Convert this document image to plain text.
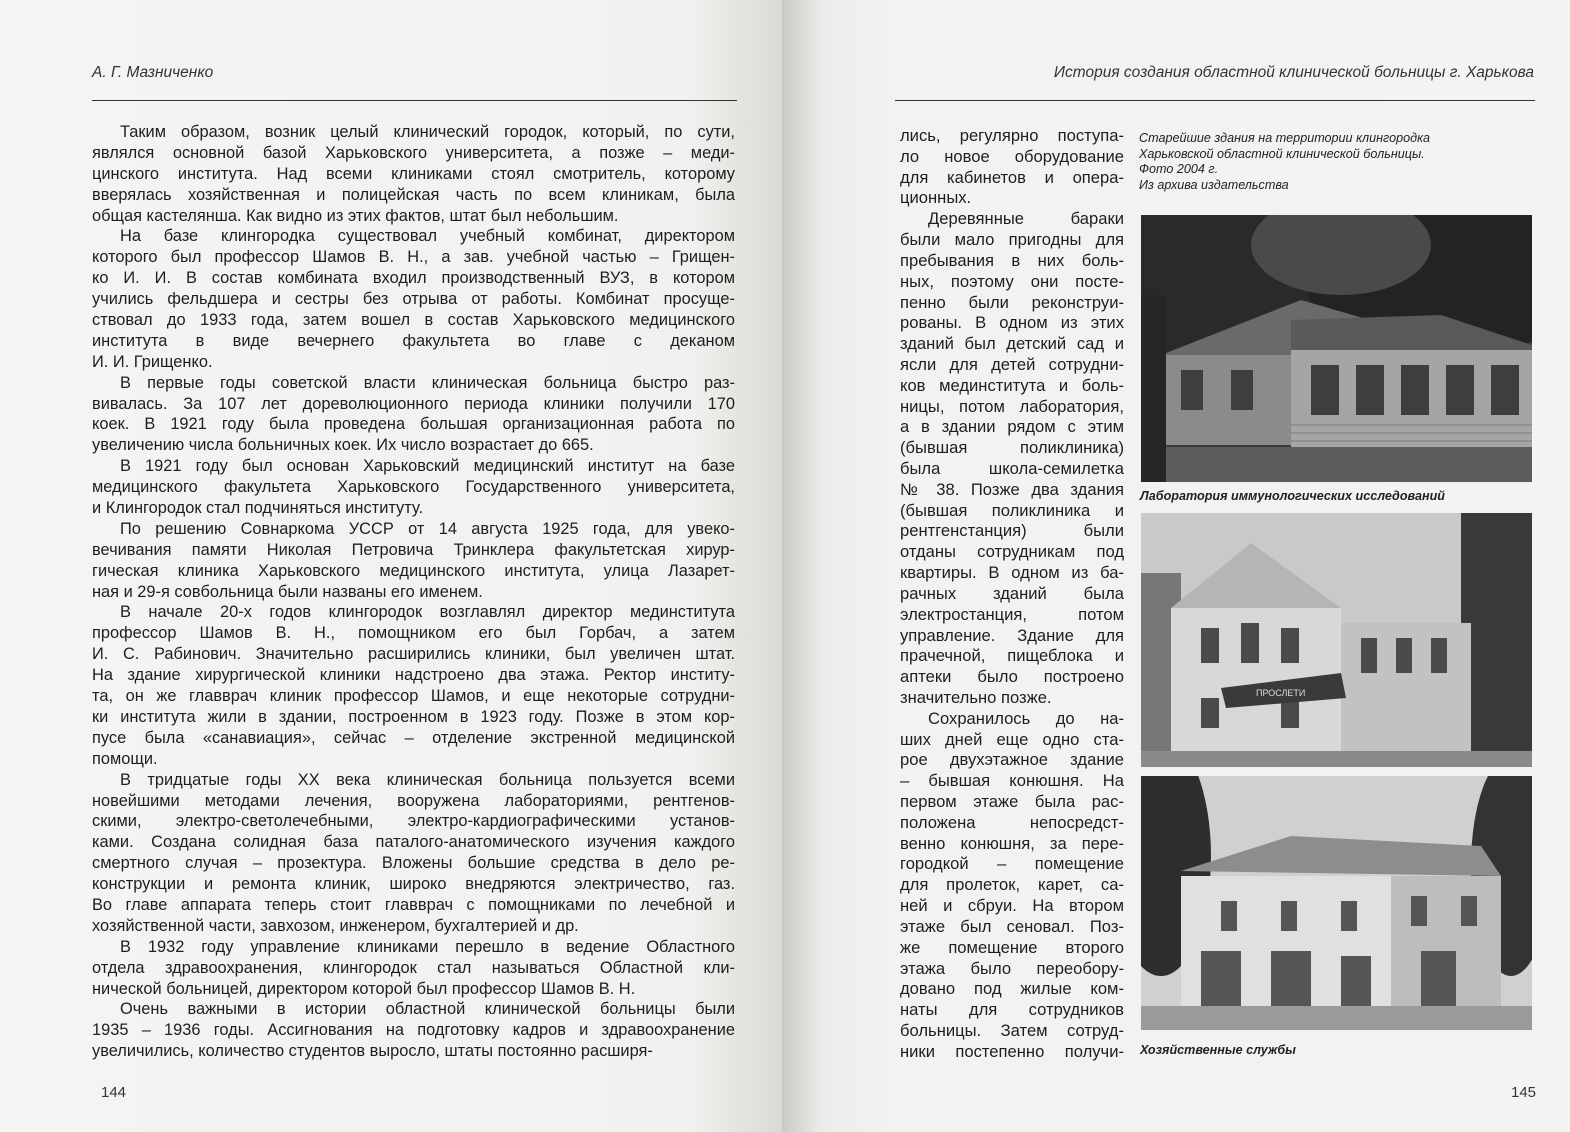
А. Г. Мазниченко
Таким образом, возник целый клинический городок, который, по сути,
являлся основной базой Харьковского университета, а позже – меди-
цинского института. Над всеми клиниками стоял смотритель, которому
вверялась хозяйственная и полицейская часть по всем клиникам, была
общая кастелянша. Как видно из этих фактов, штат был небольшим.
На базе клингородка существовал учебный комбинат, директором
которого был профессор Шамов В. Н., а зав. учебной частью – Грищен-
ко И. И. В состав комбината входил производственный ВУЗ, в котором
учились фельдшера и сестры без отрыва от работы. Комбинат просуще-
ствовал до 1933 года, затем вошел в состав Харьковского медицинского
института в виде вечернего факультета во главе с деканом
И. И. Грищенко.
В первые годы советской власти клиническая больница быстро раз-
вивалась. За 107 лет дореволюционного периода клиники получили 170
коек. В 1921 году была проведена большая организационная работа по
увеличению числа больничных коек. Их число возрастает до 665.
В 1921 году был основан Харьковский медицинский институт на базе
медицинского факультета Харьковского Государственного университета,
и Клингородок стал подчиняться институту.
По решению Совнаркома УССР от 14 августа 1925 года, для увеко-
вечивания памяти Николая Петровича Тринклера факультетская хирур-
гическая клиника Харьковского медицинского института, улица Лазарет-
ная и 29-я совбольница были названы его именем.
В начале 20-х годов клингородок возглавлял директор мединститута
профессор Шамов В. Н., помощником его был Горбач, а затем
И. С. Рабинович. Значительно расширились клиники, был увеличен штат.
На здание хирургической клиники надстроено два этажа. Ректор институ-
та, он же главврач клиник профессор Шамов, и еще некоторые сотрудни-
ки института жили в здании, построенном в 1923 году. Позже в этом кор-
пусе была «санавиация», сейчас – отделение экстренной медицинской
помощи.
В тридцатые годы XX века клиническая больница пользуется всеми
новейшими методами лечения, вооружена лабораториями, рентгенов-
скими, электро-светолечебными, электро-кардиографическими установ-
ками. Создана солидная база паталого-анатомического изучения каждого
смертного случая – прозектура. Вложены большие средства в дело ре-
конструкции и ремонта клиник, широко внедряются электричество, газ.
Во главе аппарата теперь стоит главврач с помощниками по лечебной и
хозяйственной части, завхозом, инженером, бухгалтерией и др.
В 1932 году управление клиниками перешло в ведение Областного
отдела здравоохранения, клингородок стал называться Областной кли-
нической больницей, директором которой был профессор Шамов В. Н.
Очень важными в истории областной клинической больницы были
1935 – 1936 годы. Ассигнования на подготовку кадров и здравоохранение
увеличились, количество студентов выросло, штаты постоянно расширя-
144
История создания областной клинической больницы г. Харькова
лись, регулярно поступа-
ло новое оборудование
для кабинетов и опера-
ционных.
Деревянные бараки
были мало пригодны для
пребывания в них боль-
ных, поэтому они посте-
пенно были реконструи-
рованы. В одном из этих
зданий был детский сад и
ясли для детей сотрудни-
ков мединститута и боль-
ницы, потом лаборатория,
а в здании рядом с этим
(бывшая поликлиника)
была школа-семилетка
№ 38. Позже два здания
(бывшая поликлиника и
рентгенстанция) были
отданы сотрудникам под
квартиры. В одном из ба-
рачных зданий была
электростанция, потом
управление. Здание для
прачечной, пищеблока и
аптеки было построено
значительно позже.
Сохранилось до на-
ших дней еще одно ста-
рое двухэтажное здание
– бывшая конюшня. На
первом этаже была рас-
положена непосредст-
венно конюшня, за пере-
городкой – помещение
для пролеток, карет, са-
ней и сбруи. На втором
этаже был сеновал. Поз-
же помещение второго
этажа было переобору-
довано под жилые ком-
наты для сотрудников
больницы. Затем сотруд-
ники постепенно получи-
Старейшие здания на территории клингородка
Харьковской областной клинической больницы.
Фото 2004 г.
Из архива издательства
Лаборатория иммунологических исследований
ПРОСЛЕТИ
Хозяйственные службы
145
